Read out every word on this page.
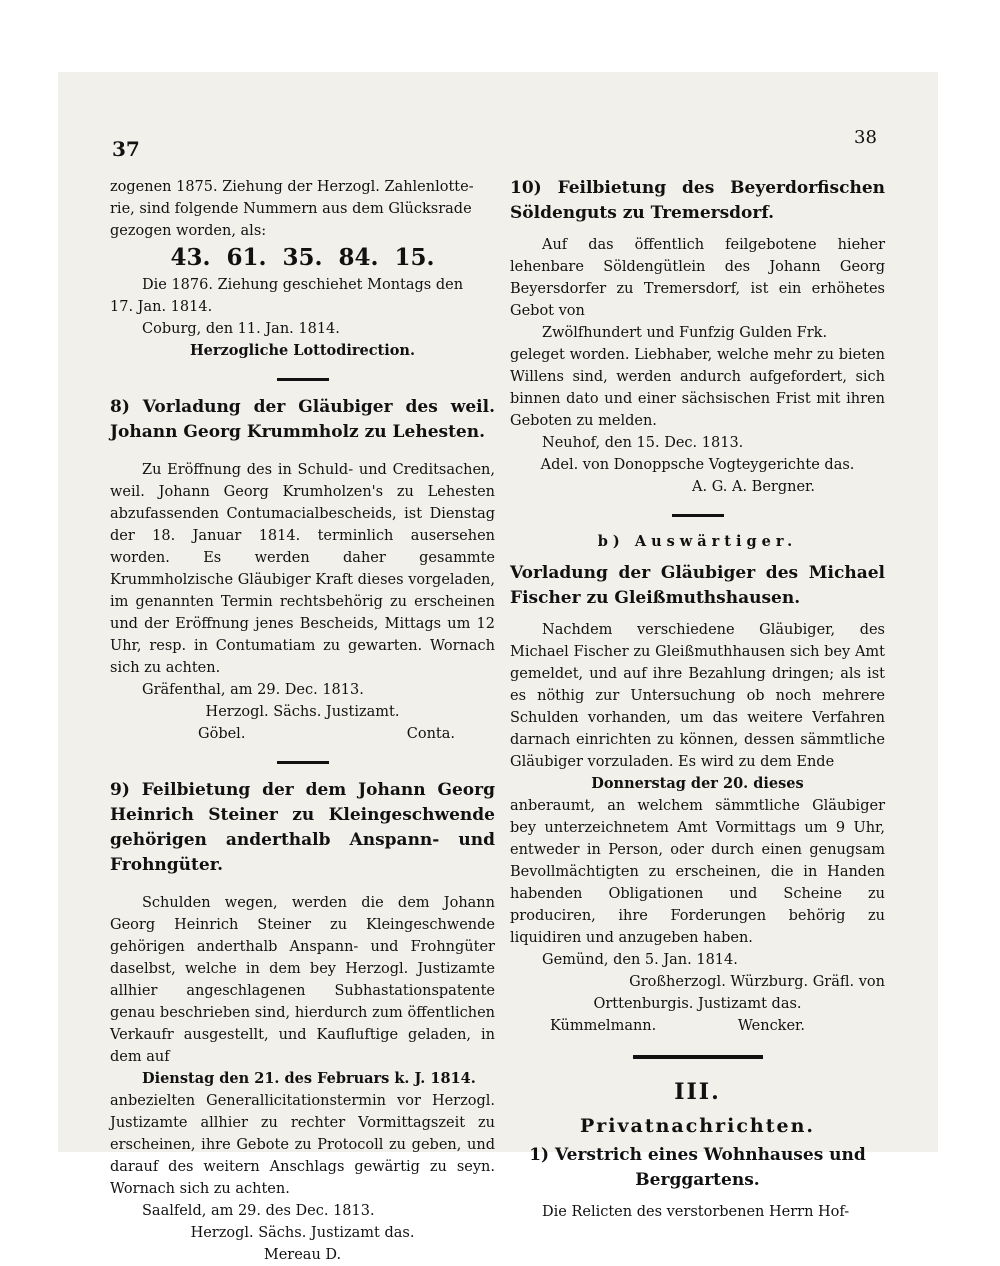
37	38

zogenen 1875. Ziehung der Herzogl. Zahlenlotte-

rie, sind folgende Nummern aus dem Glücksrade

gezogen worden, als:

43. 61. 35. 84. 15.

Die 1876. Ziehung geschiehet Montags den

17. Jan. 1814.

Coburg, den 11. Jan. 1814.

Herzogliche Lottodirection.

8) Vorladung der Gläubiger des weil. Johann Georg Krummholz zu Lehesten.

Zu Eröffnung des in Schuld- und Creditsachen, weil. Johann Georg Krumholzen's zu Lehesten abzufassenden Contumacialbescheids, ist Dienstag der 18. Januar 1814. terminlich ausersehen worden. Es werden daher gesammte Krummholzische Gläubiger Kraft dieses vorgeladen, im genannten Termin rechtsbehörig zu erscheinen und der Eröffnung jenes Bescheids, Mittags um 12 Uhr, resp. in Contumatiam zu gewarten. Wornach sich zu achten.

Gräfenthal, am 29. Dec. 1813.

Herzogl. Sächs. Justizamt.

Göbel.	Conta.
9) Feilbietung der dem Johann Georg Heinrich Steiner zu Kleingeschwende gehörigen anderthalb Anspann- und Frohngüter.

Schulden wegen, werden die dem Johann Georg Heinrich Steiner zu Kleingeschwende gehörigen anderthalb Anspann- und Frohngüter daselbst, welche in dem bey Herzogl. Justizamte allhier angeschlagenen Subhastationspatente genau beschrieben sind, hierdurch zum öffentlichen Verkaufr ausgestellt, und Kaufluftige geladen, in dem auf

Dienstag den 21. des Februars k. J. 1814.

anbezielten Generallicitationstermin vor Herzogl. Justizamte allhier zu rechter Vormittagszeit zu erscheinen, ihre Gebote zu Protocoll zu geben, und darauf des weitern Anschlags gewärtig zu seyn. Wornach sich zu achten.

Saalfeld, am 29. des Dec. 1813.

Herzogl. Sächs. Justizamt das.

Mereau D.

10) Feilbietung des Beyerdorfischen Söldenguts zu Tremersdorf.

Auf das öffentlich feilgebotene hieher lehenbare Söldengütlein des Johann Georg Beyersdorfer zu Tremersdorf, ist ein erhöhetes Gebot von

Zwölfhundert und Funfzig Gulden Frk.

geleget worden. Liebhaber, welche mehr zu bieten Willens sind, werden andurch aufgefordert, sich binnen dato und einer sächsischen Frist mit ihren Geboten zu melden.

Neuhof, den 15. Dec. 1813.

Adel. von Donoppsche Vogteygerichte das.

A. G. A. Bergner.

b) Auswärtiger.

Vorladung der Gläubiger des Michael Fischer zu Gleißmuthshausen.

Nachdem verschiedene Gläubiger, des Michael Fischer zu Gleißmuthhausen sich bey Amt gemeldet, und auf ihre Bezahlung dringen; als ist es nöthig zur Untersuchung ob noch mehrere Schulden vorhanden, um das weitere Verfahren darnach einrichten zu können, dessen sämmtliche Gläubiger vorzuladen. Es wird zu dem Ende

Donnerstag der 20. dieses

anberaumt, an welchem sämmtliche Gläubiger bey unterzeichnetem Amt Vormittags um 9 Uhr, entweder in Person, oder durch einen genugsam Bevollmächtigten zu erscheinen, die in Handen habenden Obligationen und Scheine zu produciren, ihre Forderungen behörig zu liquidiren und anzugeben haben.

Gemünd, den 5. Jan. 1814.

Großherzogl. Würzburg. Gräfl. von

Orttenburgis. Justizamt das.

Kümmelmann.	Wencker.

III.

Privatnachrichten.

1) Verstrich eines Wohnhauses und Berggartens.

Die Relicten des verstorbenen Herrn Hof-
